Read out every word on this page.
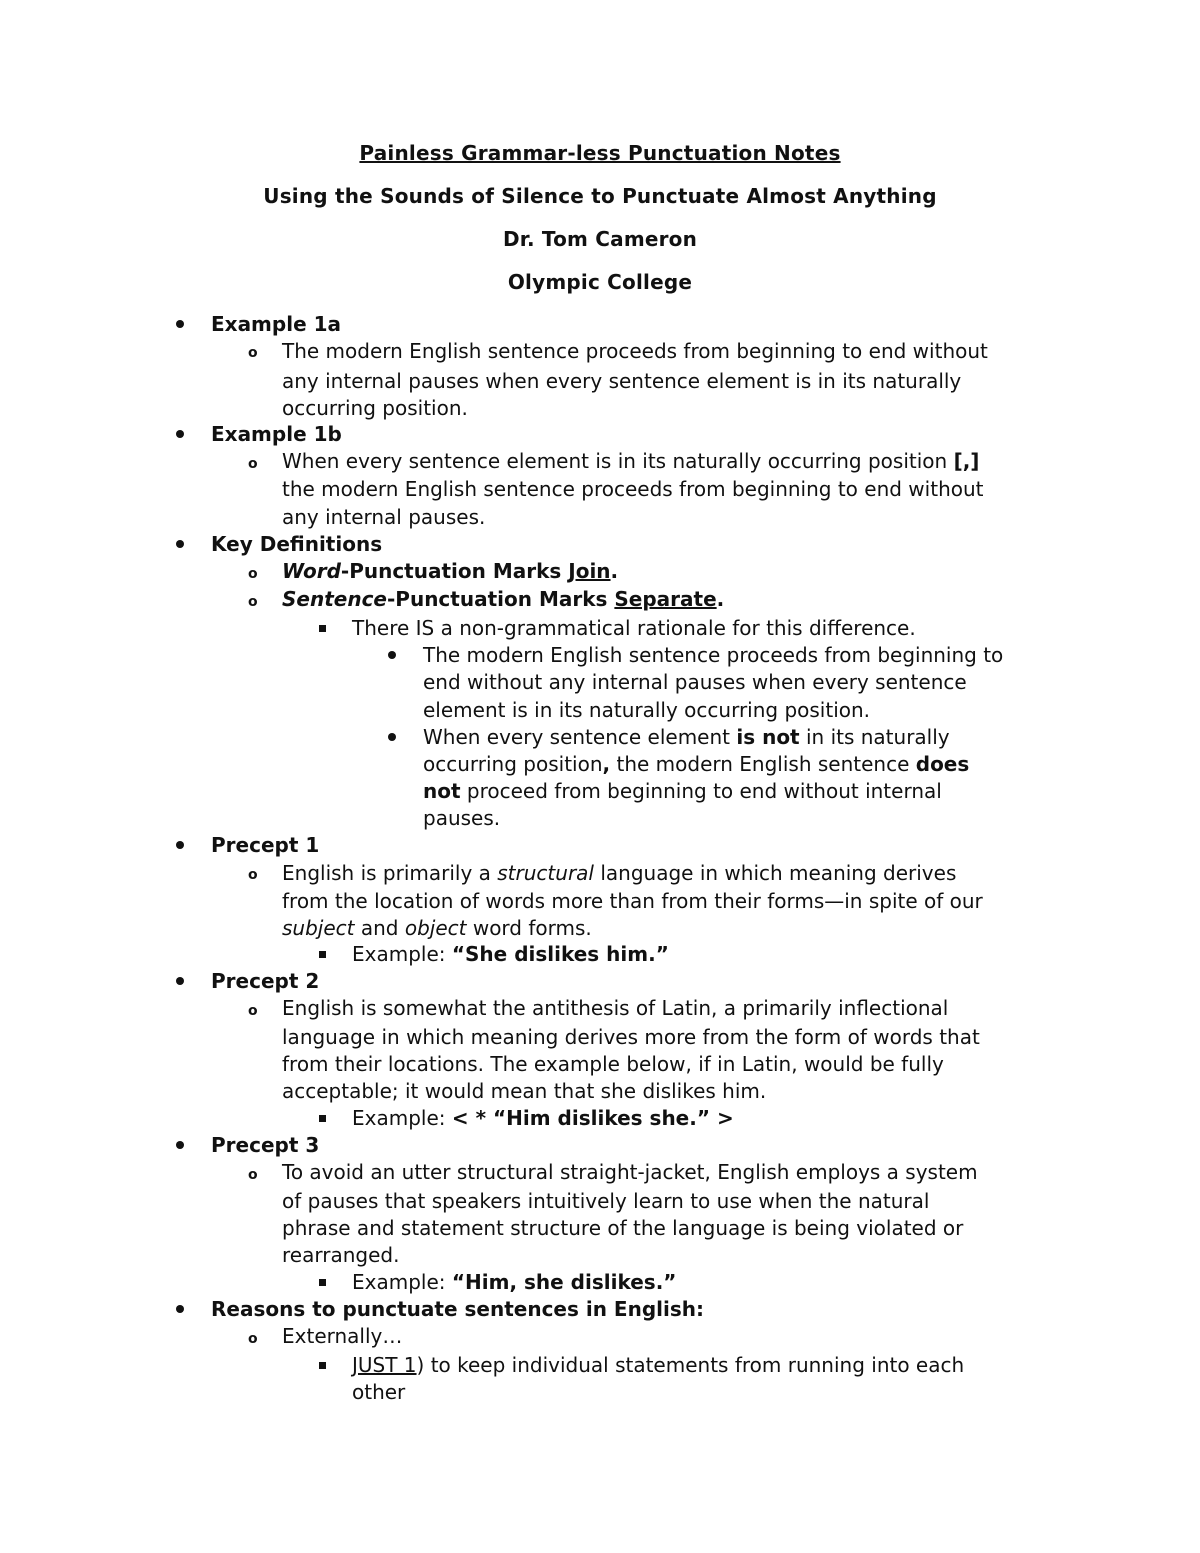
Painless Grammar-less Punctuation Notes
Using the Sounds of Silence to Punctuate Almost Anything
Dr. Tom Cameron
Olympic College
Example 1a
o The modern English sentence proceeds from beginning to end without
any internal pauses when every sentence element is in its naturally
occurring position.
Example 1b
o When every sentence element is in its naturally occurring position [,]
the modern English sentence proceeds from beginning to end without
any internal pauses.
Key Definitions
o Word-Punctuation Marks Join.
o Sentence-Punctuation Marks Separate.
There IS a non-grammatical rationale for this difference.
The modern English sentence proceeds from beginning to
end without any internal pauses when every sentence
element is in its naturally occurring position.
When every sentence element is not in its naturally
occurring position, the modern English sentence does
not proceed from beginning to end without internal
pauses.
Precept 1
o English is primarily a structural language in which meaning derives
from the location of words more than from their forms—in spite of our
subject and object word forms.
Example: “She dislikes him.”
Precept 2
o English is somewhat the antithesis of Latin, a primarily inflectional
language in which meaning derives more from the form of words that
from their locations. The example below, if in Latin, would be fully
acceptable; it would mean that she dislikes him.
Example: < * “Him dislikes she.” >
Precept 3
o To avoid an utter structural straight-jacket, English employs a system
of pauses that speakers intuitively learn to use when the natural
phrase and statement structure of the language is being violated or
rearranged.
Example: “Him, she dislikes.”
Reasons to punctuate sentences in English:
o Externally…
JUST 1) to keep individual statements from running into each
other
